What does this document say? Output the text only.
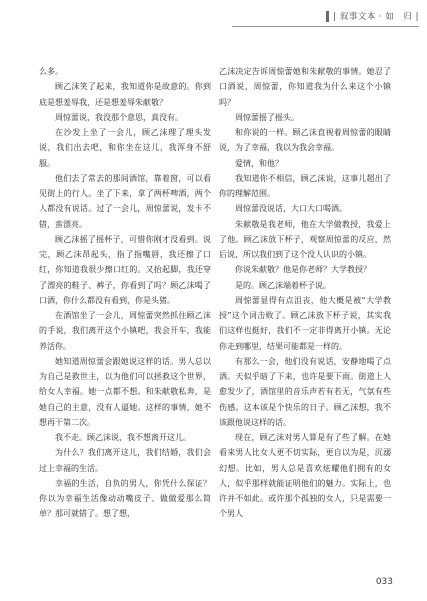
| 叙事文本 · 如　归 |

么多。

顾乙沫笑了起来，我知道你是故意的。你到底是想羞辱我，还是想羞辱朱献敬？

周惊蕾说，我没那个意思，真没有。

在沙发上坐了一会儿，顾乙沫理了理头发说，我们出去吧，和你坐在这儿，我浑身不舒服。

他们去了常去的那间酒馆，靠着窗，可以看见街上的行人。坐了下来，拿了两杯啤酒，两个人都没有说话。过了一会儿，周惊蕾说，发卡不错，蛮漂亮。

顾乙沫摇了摇杯子，可惜你刚才没看到。说完，顾乙沫昂起头，指了指嘴唇，我还擦了口红，你知道我很少擦口红的。又抬起脚，我还穿了漂亮的鞋子、裤子，你看到了吗？顾乙沫喝了口酒，你什么都没有看到，你是头猪。

在酒馆坐了一会儿，周惊蕾突然抓住顾乙沫的手说，我们离开这个小镇吧，我会开车，我能养活你。

她知道周惊蕾会跟她说这样的话。男人总以为自己是救世主，以为他们可以拯救这个世界，给女人幸福。她一点都不想。和朱献敬私奔，是她自己的主意，没有人逼她。这样的事情，她不想再干第二次。

我不走。顾乙沫说，我不想离开这儿。

为什么？我们离开这儿，我们结婚，我们会过上幸福的生活。

幸福的生活，自负的男人，你凭什么保证？你以为幸福生活像动动嘴皮子、做做爱那么简单？那可就错了。想了想，

乙沫决定告诉周惊蕾她和朱献敬的事情。她忍了口酒说，周惊蕾，你知道我为什么来这个小镇吗？

周惊蕾摇了摇头。

和你说的一样。顾乙沫直视着周惊蕾的眼睛说，为了幸福，我以为我会幸福。

爱情，和他？

我知道你不相信，顾乙沫说，这事儿超出了你的理解范围。

周惊蕾没说话，大口大口喝酒。

朱献敬是我老师，他在大学做教授，我爱上了他。顾乙沫放下杯子，观察周惊蕾的反应，然后说，所以我们到了这个没人认识的小镇。

你说朱献敬？他是你老师？大学教授？

是的。顾乙沫端着杯子说。

周惊蕾显得有点沮丧，他大概是被“大学教授”这个词击败了。顾乙沫放下杯子说，其实我们这样也挺好，我们不一定非得离开小镇。无论你走到哪里，结果可能都是一样的。

有那么一会，他们没有说话，安静地喝了点酒。天似乎暗了下来，也许是要下雨。街道上人愈发少了，酒馆里的音乐声若有若无，气氛有些伤感。这本该是个快乐的日子。顾乙沫想，我不该跟他说这样的话。

现在，顾乙沫对男人算是有了些了解。在她看来男人比女人更不切实际，更自以为是，沉溺幻想。比如，男人总是喜欢炫耀他们拥有的女人，似乎那样就能证明他们的魅力。实际上，也许并不如此。或许那个孤独的女人，只是需要一个男人

033
